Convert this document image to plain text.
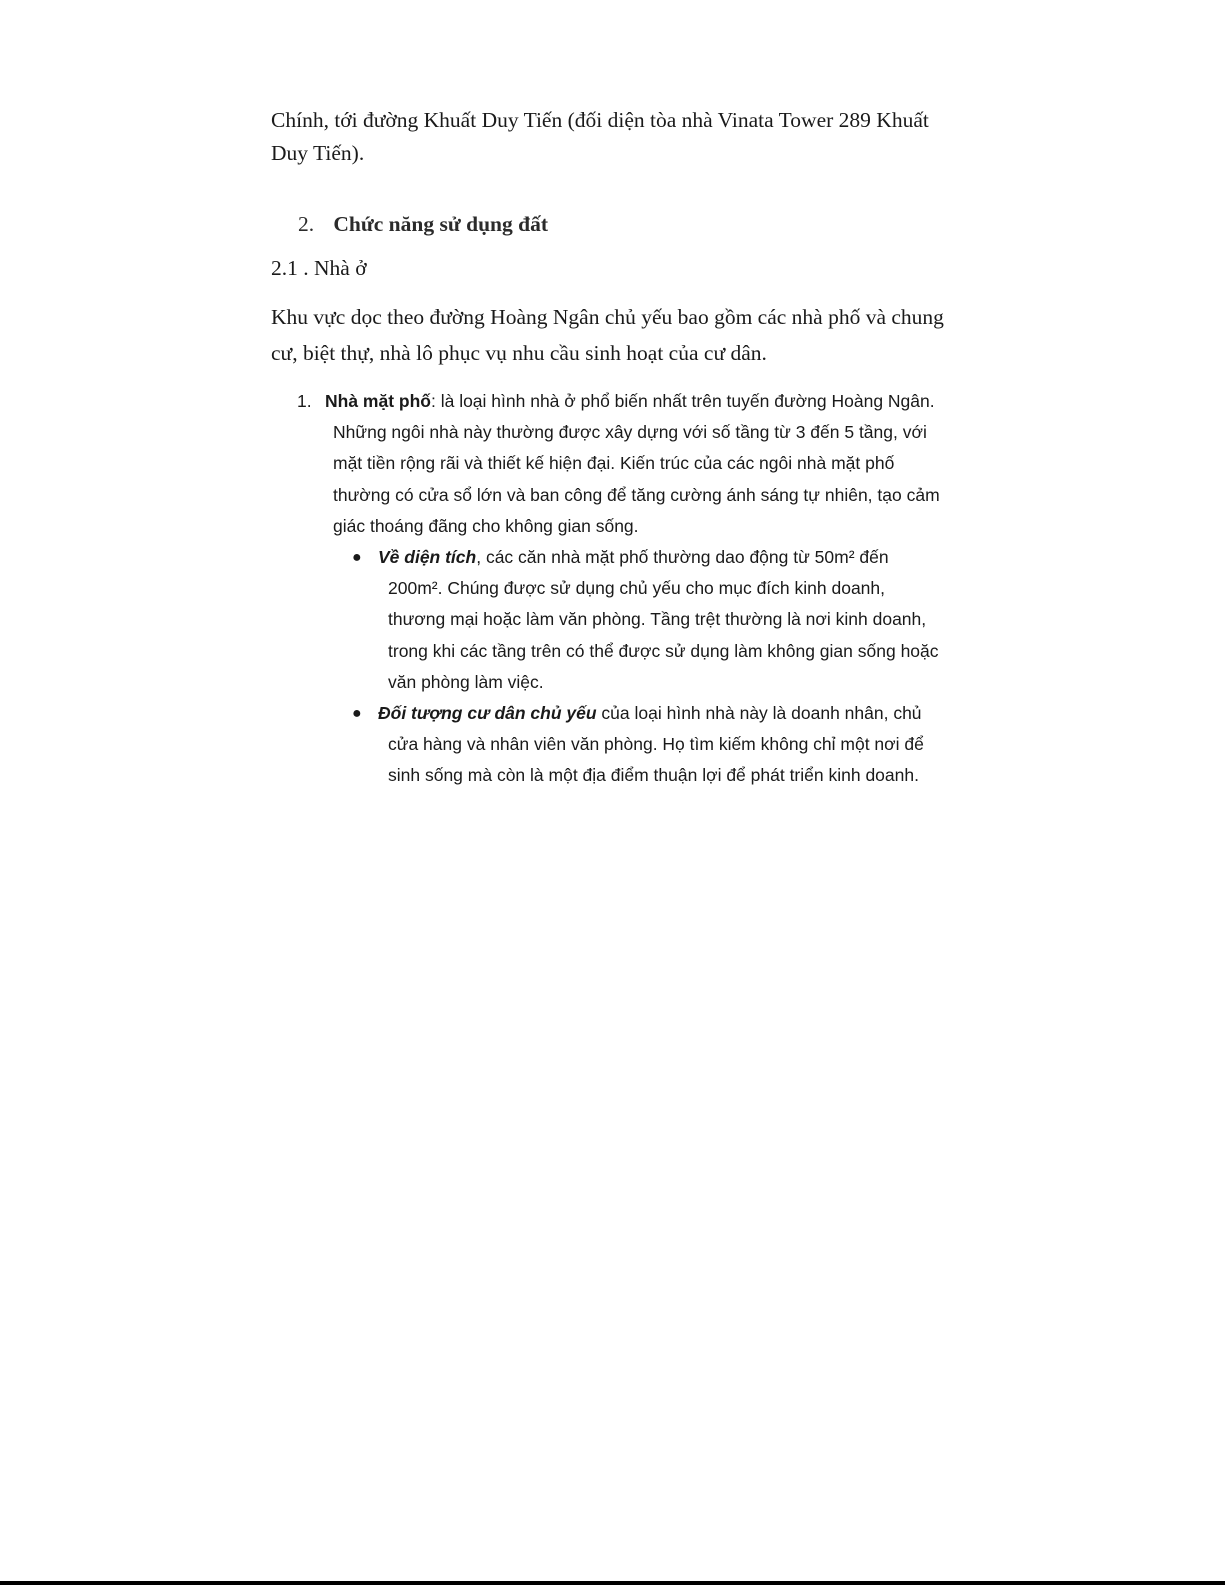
Chính, tới đường Khuất Duy Tiến (đối diện tòa nhà Vinata Tower 289 Khuất Duy Tiến).

2. Chức năng sử dụng đất
2.1 . Nhà ở

Khu vực dọc theo đường Hoàng Ngân chủ yếu bao gồm các nhà phố và chung cư, biệt thự, nhà lô phục vụ nhu cầu sinh hoạt của cư dân.

1. Nhà mặt phố: là loại hình nhà ở phổ biến nhất trên tuyến đường Hoàng Ngân. Những ngôi nhà này thường được xây dựng với số tầng từ 3 đến 5 tầng, với mặt tiền rộng rãi và thiết kế hiện đại. Kiến trúc của các ngôi nhà mặt phố thường có cửa sổ lớn và ban công để tăng cường ánh sáng tự nhiên, tạo cảm giác thoáng đãng cho không gian sống.
● Về diện tích, các căn nhà mặt phố thường dao động từ 50m² đến 200m². Chúng được sử dụng chủ yếu cho mục đích kinh doanh, thương mại hoặc làm văn phòng. Tầng trệt thường là nơi kinh doanh, trong khi các tầng trên có thể được sử dụng làm không gian sống hoặc văn phòng làm việc.
● Đối tượng cư dân chủ yếu của loại hình nhà này là doanh nhân, chủ cửa hàng và nhân viên văn phòng. Họ tìm kiếm không chỉ một nơi để sinh sống mà còn là một địa điểm thuận lợi để phát triển kinh doanh.
